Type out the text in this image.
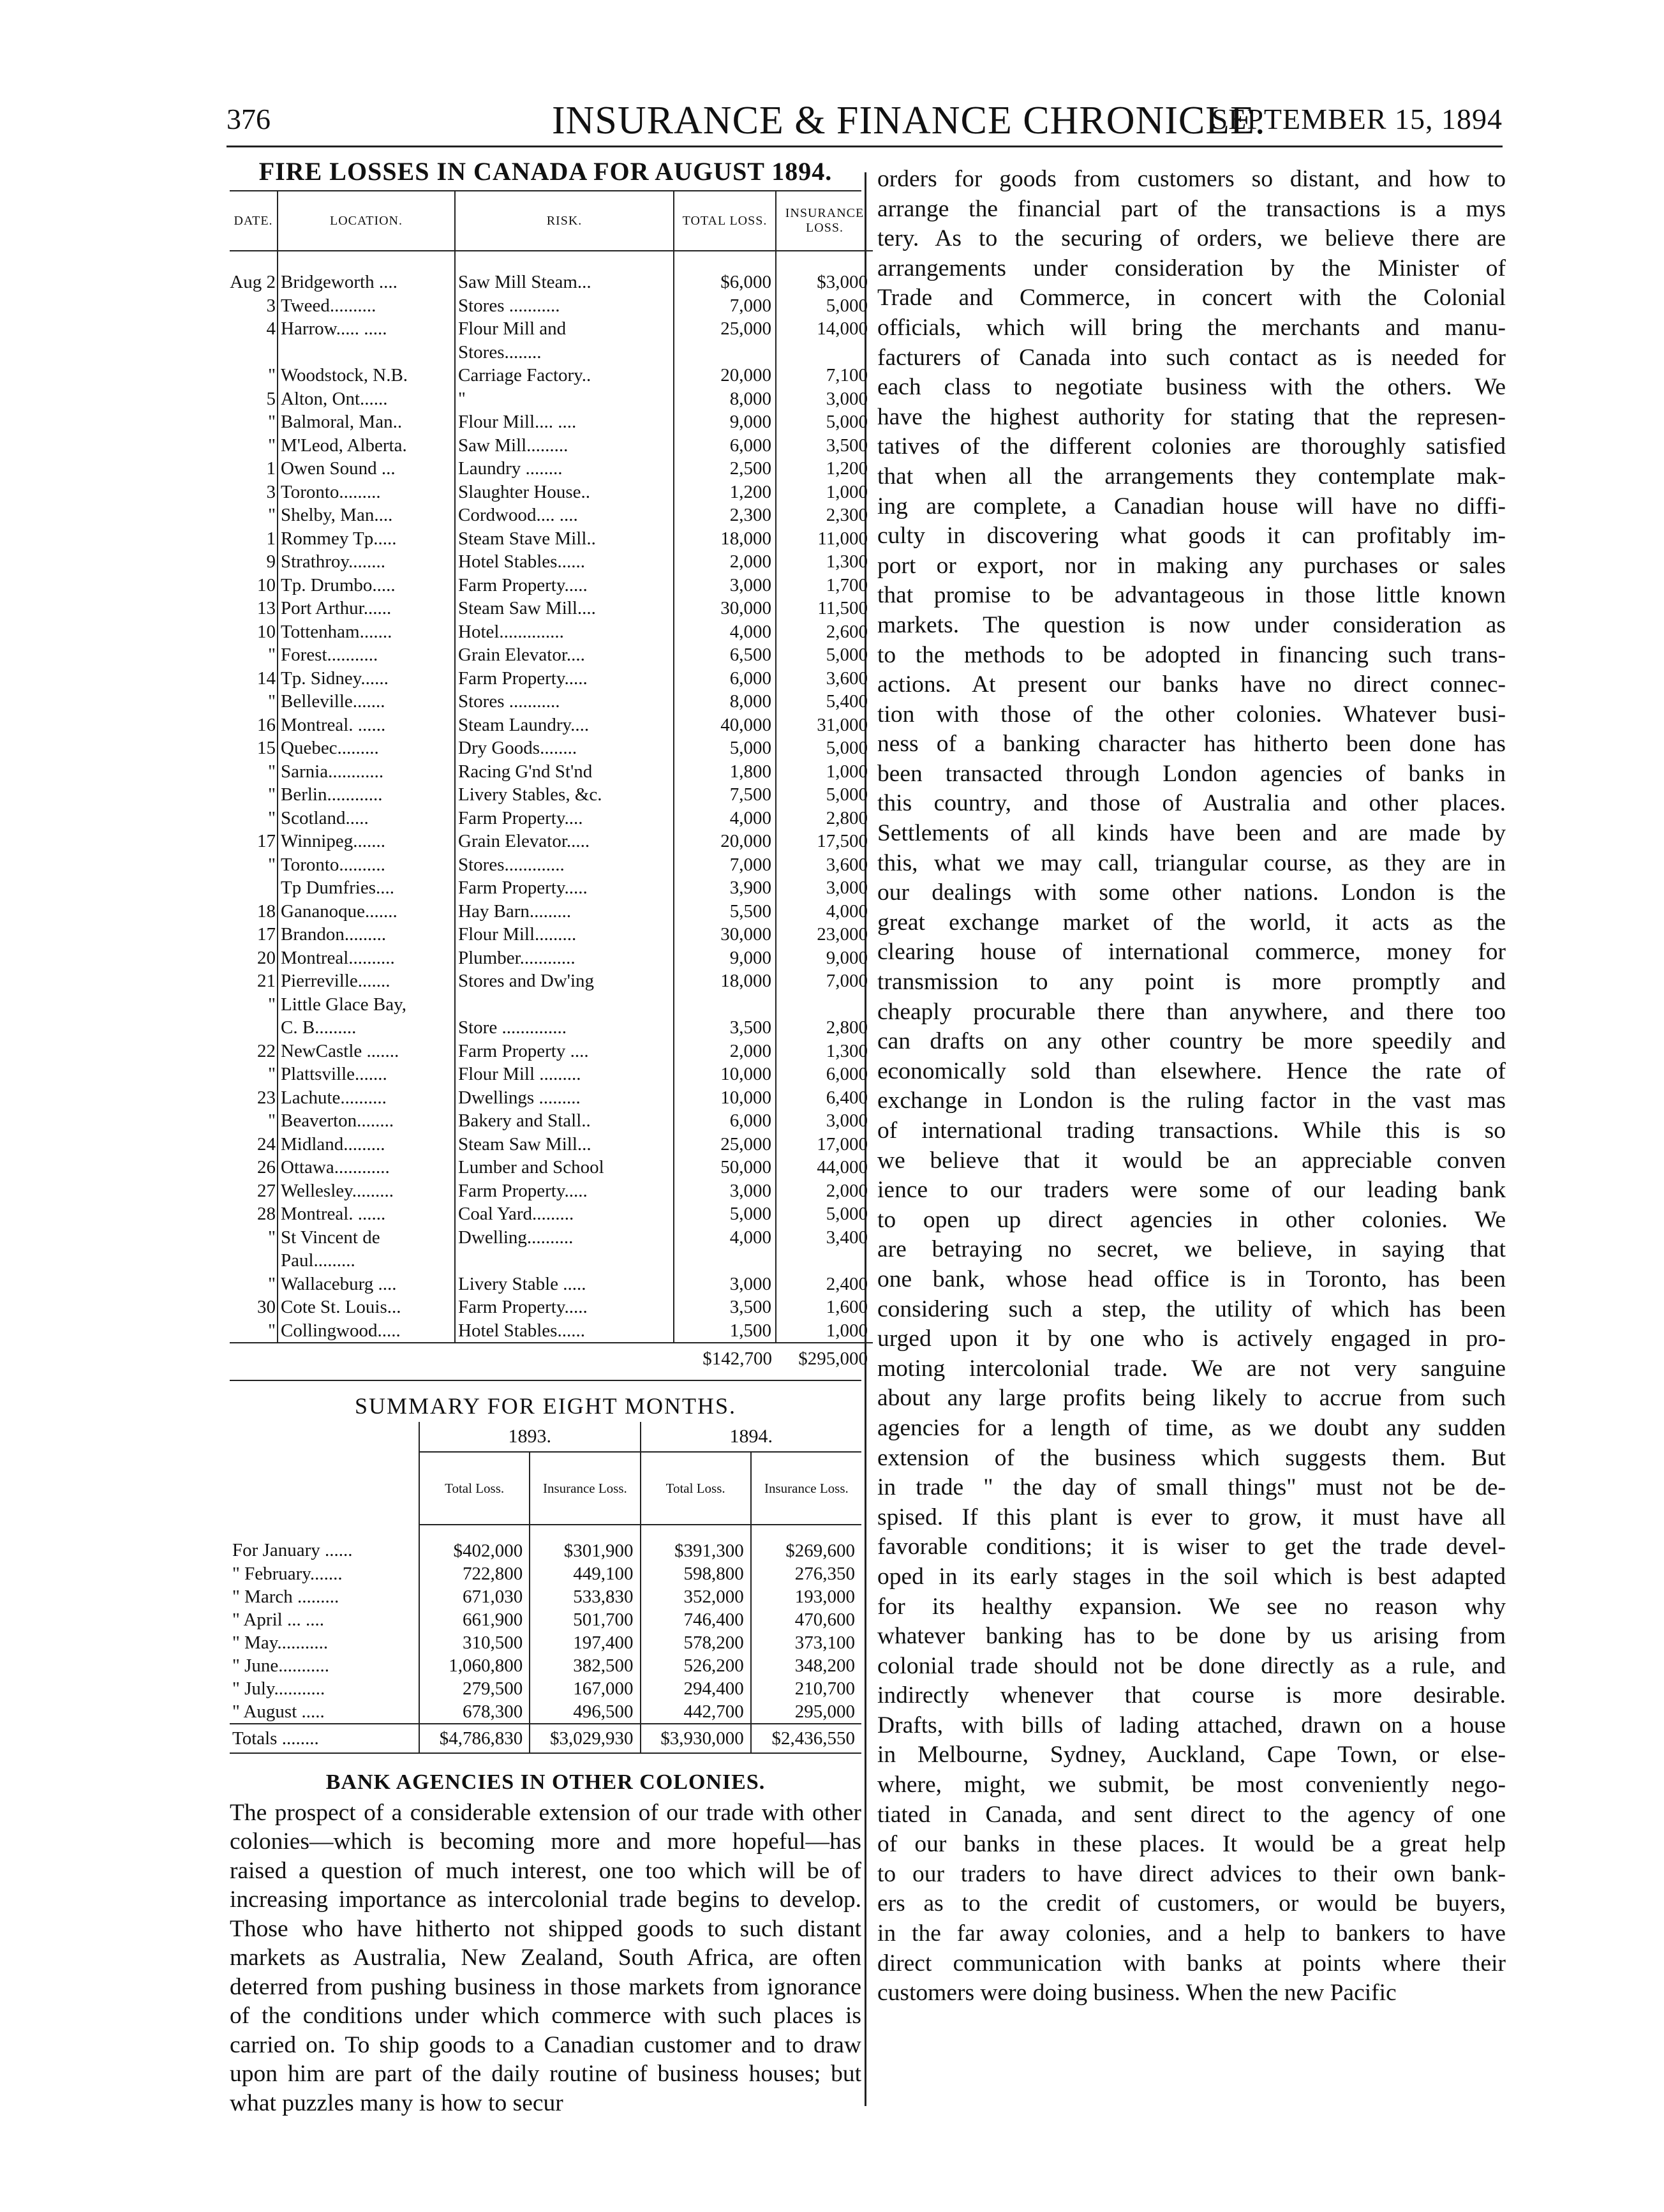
376	INSURANCE & FINANCE CHRONICLE.
SEPTEMBER 15, 1894
FIRE LOSSES IN CANADA FOR AUGUST 1894.
DATE.	LOCATION.	RISK.	TOTAL LOSS.	INSURANCE LOSS.
Aug 2	Bridgeworth ....	Saw Mill Steam...	$6,000	$3,000
3	Tweed..........	Stores ...........	7,000	5,000
4	Harrow..... .....	Flour Mill and	25,000	14,000
		Stores........		
"	Woodstock, N.B.	Carriage Factory..	20,000	7,100
5	Alton, Ont......	"	8,000	3,000
"	Balmoral, Man..	Flour Mill.... ....	9,000	5,000
"	M'Leod, Alberta.	Saw Mill.........	6,000	3,500
1	Owen Sound ...	Laundry ........	2,500	1,200
3	Toronto.........	Slaughter House..	1,200	1,000
"	Shelby, Man....	Cordwood.... ....	2,300	2,300
1	Rommey Tp.....	Steam Stave Mill..	18,000	11,000
9	Strathroy........	Hotel Stables......	2,000	1,300
10	Tp. Drumbo.....	Farm Property.....	3,000	1,700
13	Port Arthur......	Steam Saw Mill....	30,000	11,500
10	Tottenham.......	Hotel..............	4,000	2,600
"	Forest...........	Grain Elevator....	6,500	5,000
14	Tp. Sidney......	Farm Property.....	6,000	3,600
"	Belleville.......	Stores ...........	8,000	5,400
16	Montreal. ......	Steam Laundry....	40,000	31,000
15	Quebec.........	Dry Goods........	5,000	5,000
"	Sarnia............	Racing G'nd St'nd	1,800	1,000
"	Berlin............	Livery Stables, &c.	7,500	5,000
"	Scotland.....	Farm Property....	4,000	2,800
17	Winnipeg.......	Grain Elevator.....	20,000	17,500
"	Toronto..........	Stores.............	7,000	3,600
	Tp Dumfries....	Farm Property.....	3,900	3,000
18	Gananoque.......	Hay Barn.........	5,500	4,000
17	Brandon.........	Flour Mill.........	30,000	23,000
20	Montreal..........	Plumber............	9,000	9,000
21	Pierreville.......	Stores and Dw'ing	18,000	7,000
"	Little Glace Bay,			
	C. B.........	Store ..............	3,500	2,800
22	NewCastle .......	Farm Property ....	2,000	1,300
"	Plattsville.......	Flour Mill .........	10,000	6,000
23	Lachute..........	Dwellings .........	10,000	6,400
"	Beaverton........	Bakery and Stall..	6,000	3,000
24	Midland.........	Steam Saw Mill...	25,000	17,000
26	Ottawa............	Lumber and School	50,000	44,000
27	Wellesley.........	Farm Property.....	3,000	2,000
28	Montreal. ......	Coal Yard.........	5,000	5,000
"	St Vincent de	Dwelling..........	4,000	3,400
	Paul.........			
"	Wallaceburg ....	Livery Stable .....	3,000	2,400
30	Cote St. Louis...	Farm Property.....	3,500	1,600
"	Collingwood.....	Hotel Stables......	1,500	1,000
			$142,700	$295,000
SUMMARY FOR EIGHT MONTHS.
	1893.		1894.	
	Total Loss.	Insurance Loss.	Total Loss.	Insurance Loss.
For January ......	$402,000	$301,900	$391,300	$269,600
" February.......	722,800	449,100	598,800	276,350
" March .........	671,030	533,830	352,000	193,000
" April ... ....	661,900	501,700	746,400	470,600
" May...........	310,500	197,400	578,200	373,100
" June...........	1,060,800	382,500	526,200	348,200
" July...........	279,500	167,000	294,400	210,700
" August .....	678,300	496,500	442,700	295,000
Totals ........	$4,786,830	$3,029,930	$3,930,000	$2,436,550
BANK AGENCIES IN OTHER COLONIES.
The prospect of a considerable extension of our trade with other colonies—which is becoming more and more hopeful—has raised a question of much interest, one too which will be of increasing importance as intercolonial trade begins to develop. Those who have hitherto not shipped goods to such distant markets as Australia, New Zealand, South Africa, are often deterred from pushing business in those markets from ignorance of the conditions under which commerce with such places is carried on. To ship goods to a Canadian customer and to draw upon him are part of the daily routine of business houses; but what puzzles many is how to secur
orders for goods from customers so distant, and how to
arrange the financial part of the transactions is a mys
tery. As to the securing of orders, we believe there are
arrangements under consideration by the Minister of
Trade and Commerce, in concert with the Colonial
officials, which will bring the merchants and manu-
facturers of Canada into such contact as is needed for
each class to negotiate business with the others. We
have the highest authority for stating that the represen-
tatives of the different colonies are thoroughly satisfied
that when all the arrangements they contemplate mak-
ing are complete, a Canadian house will have no diffi-
culty in discovering what goods it can profitably im-
port or export, nor in making any purchases or sales
that promise to be advantageous in those little known
markets. The question is now under consideration as
to the methods to be adopted in financing such trans-
actions. At present our banks have no direct connec-
tion with those of the other colonies. Whatever busi-
ness of a banking character has hitherto been done has
been transacted through London agencies of banks in
this country, and those of Australia and other places.
Settlements of all kinds have been and are made by
this, what we may call, triangular course, as they are in
our dealings with some other nations. London is the
great exchange market of the world, it acts as the
clearing house of international commerce, money for
transmission to any point is more promptly and
cheaply procurable there than anywhere, and there too
can drafts on any other country be more speedily and
economically sold than elsewhere. Hence the rate of
exchange in London is the ruling factor in the vast mas
of international trading transactions. While this is so
we believe that it would be an appreciable conven
ience to our traders were some of our leading bank
to open up direct agencies in other colonies. We
are betraying no secret, we believe, in saying that
one bank, whose head office is in Toronto, has been
considering such a step, the utility of which has been
urged upon it by one who is actively engaged in pro-
moting intercolonial trade. We are not very sanguine
about any large profits being likely to accrue from such
agencies for a length of time, as we doubt any sudden
extension of the business which suggests them. But
in trade " the day of small things" must not be de-
spised. If this plant is ever to grow, it must have all
favorable conditions; it is wiser to get the trade devel-
oped in its early stages in the soil which is best adapted
for its healthy expansion. We see no reason why
whatever banking has to be done by us arising from
colonial trade should not be done directly as a rule, and
indirectly whenever that course is more desirable.
Drafts, with bills of lading attached, drawn on a house
in Melbourne, Sydney, Auckland, Cape Town, or else-
where, might, we submit, be most conveniently nego-
tiated in Canada, and sent direct to the agency of one
of our banks in these places. It would be a great help
to our traders to have direct advices to their own bank-
ers as to the credit of customers, or would be buyers,
in the far away colonies, and a help to bankers to have
direct communication with banks at points where their
customers were doing business. When the new Pacific
